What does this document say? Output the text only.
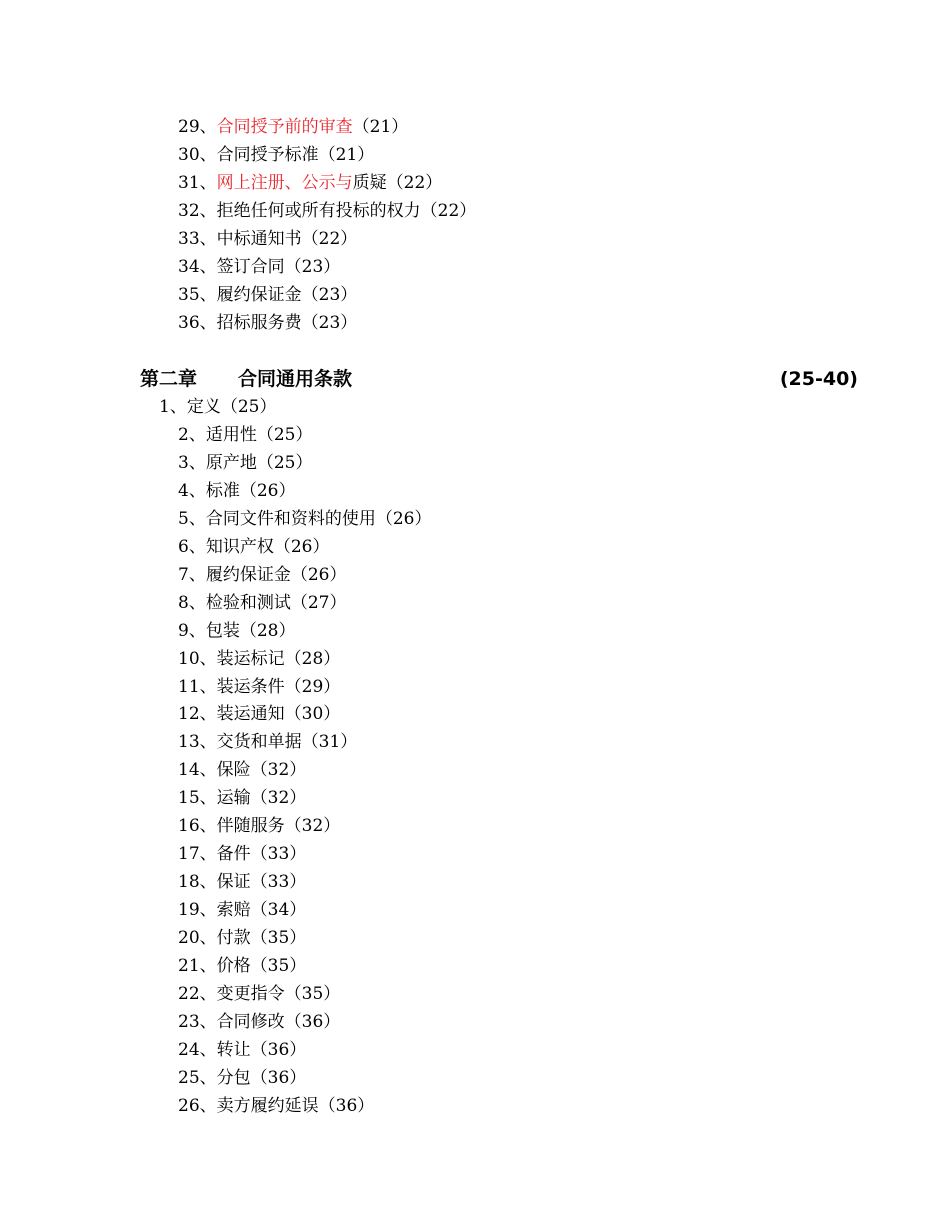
29、合同授予前的审查（21）
30、合同授予标准（21）
31、网上注册、公示与质疑（22）
32、拒绝任何或所有投标的权力（22）
33、中标通知书（22）
34、签订合同（23）
35、履约保证金（23）
36、招标服务费（23）
第二章 合同通用条款	(25-40)
1、定义（25）
2、适用性（25）
3、原产地（25）
4、标准（26）
5、合同文件和资料的使用（26）
6、知识产权（26）
7、履约保证金（26）
8、检验和测试（27）
9、包装（28）
10、装运标记（28）
11、装运条件（29）
12、装运通知（30）
13、交货和单据（31）
14、保险（32）
15、运输（32）
16、伴随服务（32）
17、备件（33）
18、保证（33）
19、索赔（34）
20、付款（35）
21、价格（35）
22、变更指令（35）
23、合同修改（36）
24、转让（36）
25、分包（36）
26、卖方履约延误（36）
